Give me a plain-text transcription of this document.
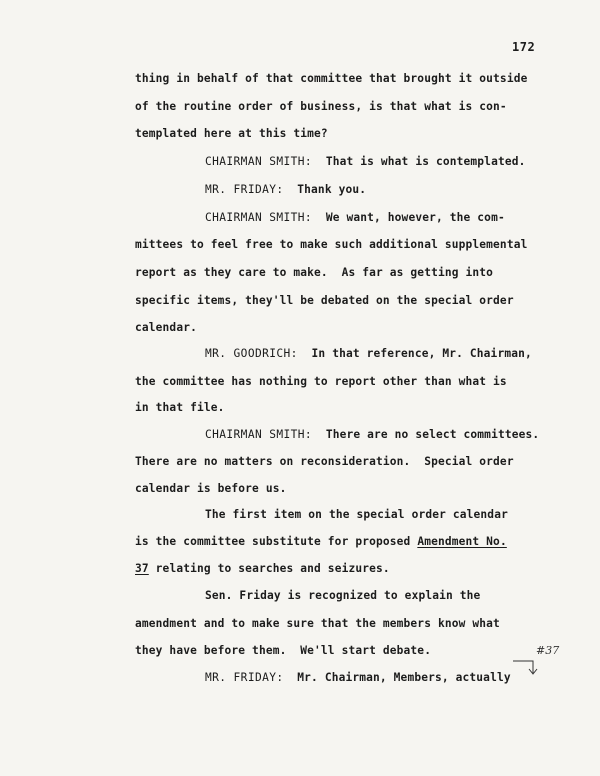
172
thing in behalf of that committee that brought it outside
of the routine order of business, is that what is con-
templated here at this time?
CHAIRMAN SMITH:  That is what is contemplated.
MR. FRIDAY:  Thank you.
CHAIRMAN SMITH:  We want, however, the com-
mittees to feel free to make such additional supplemental
report as they care to make.  As far as getting into
specific items, they'll be debated on the special order
calendar.
MR. GOODRICH:  In that reference, Mr. Chairman,
the committee has nothing to report other than what is
in that file.
CHAIRMAN SMITH:  There are no select committees.
There are no matters on reconsideration.  Special order
calendar is before us.
The first item on the special order calendar
is the committee substitute for proposed Amendment No.
37 relating to searches and seizures.
Sen. Friday is recognized to explain the
amendment and to make sure that the members know what
they have before them.  We'll start debate.
MR. FRIDAY:  Mr. Chairman, Members, actually
#37
